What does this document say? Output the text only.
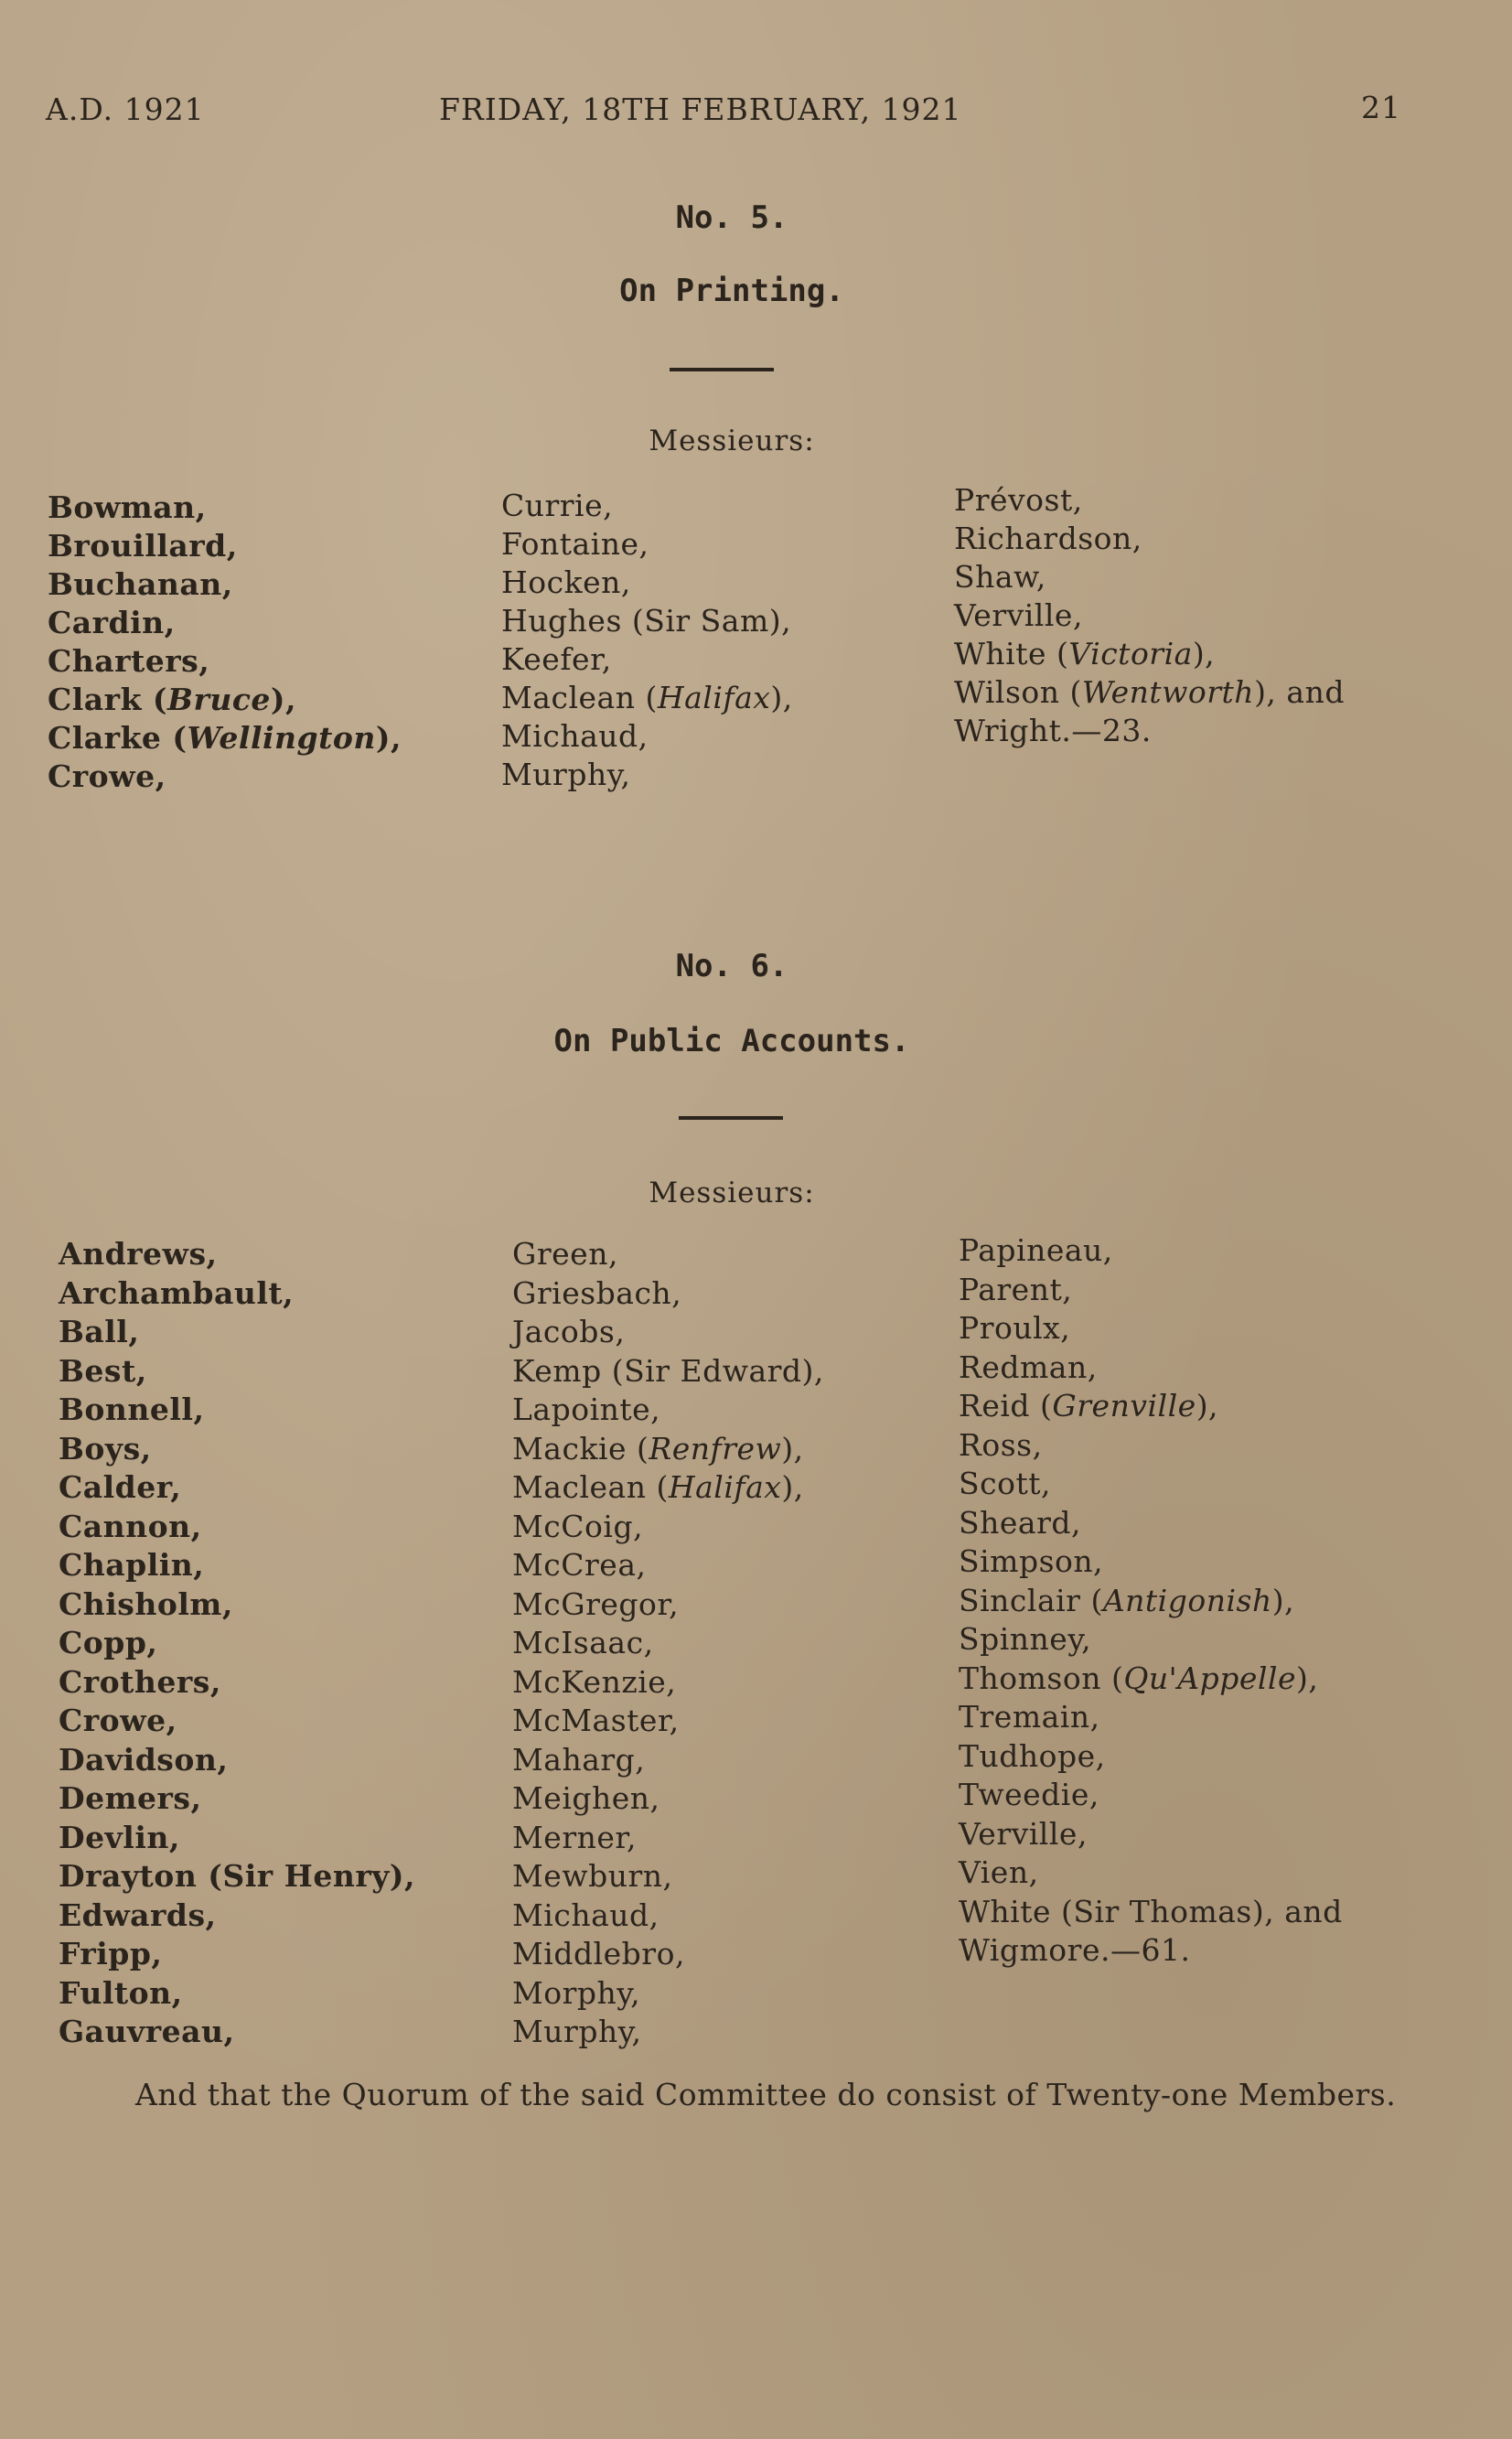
A.D. 1921	FRIDAY, 18TH FEBRUARY, 1921	21
No. 5.
On Printing.
Messieurs:
Bowman,
Brouillard,
Buchanan,
Cardin,
Charters,
Clark (Bruce),
Clarke (Wellington),
Crowe,
Currie,
Fontaine,
Hocken,
Hughes (Sir Sam),
Keefer,
Maclean (Halifax),
Michaud,
Murphy,
Prévost,
Richardson,
Shaw,
Verville,
White (Victoria),
Wilson (Wentworth), and
Wright.—23.
No. 6.
On Public Accounts.
Messieurs:
Andrews,
Archambault,
Ball,
Best,
Bonnell,
Boys,
Calder,
Cannon,
Chaplin,
Chisholm,
Copp,
Crothers,
Crowe,
Davidson,
Demers,
Devlin,
Drayton (Sir Henry),
Edwards,
Fripp,
Fulton,
Gauvreau,
Green,
Griesbach,
Jacobs,
Kemp (Sir Edward),
Lapointe,
Mackie (Renfrew),
Maclean (Halifax),
McCoig,
McCrea,
McGregor,
McIsaac,
McKenzie,
McMaster,
Maharg,
Meighen,
Merner,
Mewburn,
Michaud,
Middlebro,
Morphy,
Murphy,
Papineau,
Parent,
Proulx,
Redman,
Reid (Grenville),
Ross,
Scott,
Sheard,
Simpson,
Sinclair (Antigonish),
Spinney,
Thomson (Qu'Appelle),
Tremain,
Tudhope,
Tweedie,
Verville,
Vien,
White (Sir Thomas), and
Wigmore.—61.
And that the Quorum of the said Committee do consist of Twenty-one Members.
